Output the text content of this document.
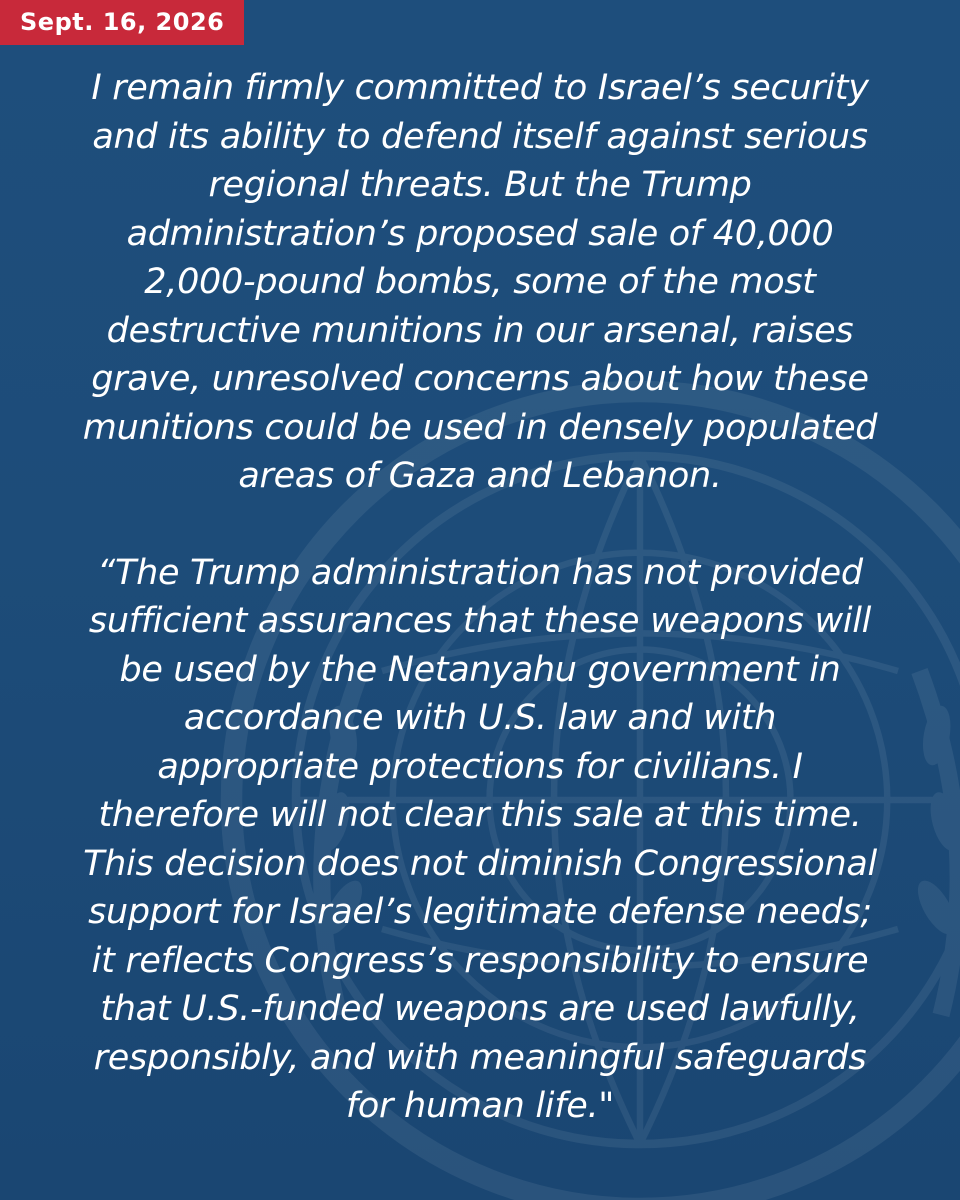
Sept. 16, 2026

I remain firmly committed to Israel’s security
and its ability to defend itself against serious
regional threats. But the Trump
administration’s proposed sale of 40,000
2,000-pound bombs, some of the most
destructive munitions in our arsenal, raises
grave, unresolved concerns about how these
munitions could be used in densely populated
areas of Gaza and Lebanon.

“The Trump administration has not provided
sufficient assurances that these weapons will
be used by the Netanyahu government in
accordance with U.S. law and with
appropriate protections for civilians. I
therefore will not clear this sale at this time.
This decision does not diminish Congressional
support for Israel’s legitimate defense needs;
it reflects Congress’s responsibility to ensure
that U.S.-funded weapons are used lawfully,
responsibly, and with meaningful safeguards
for human life."
